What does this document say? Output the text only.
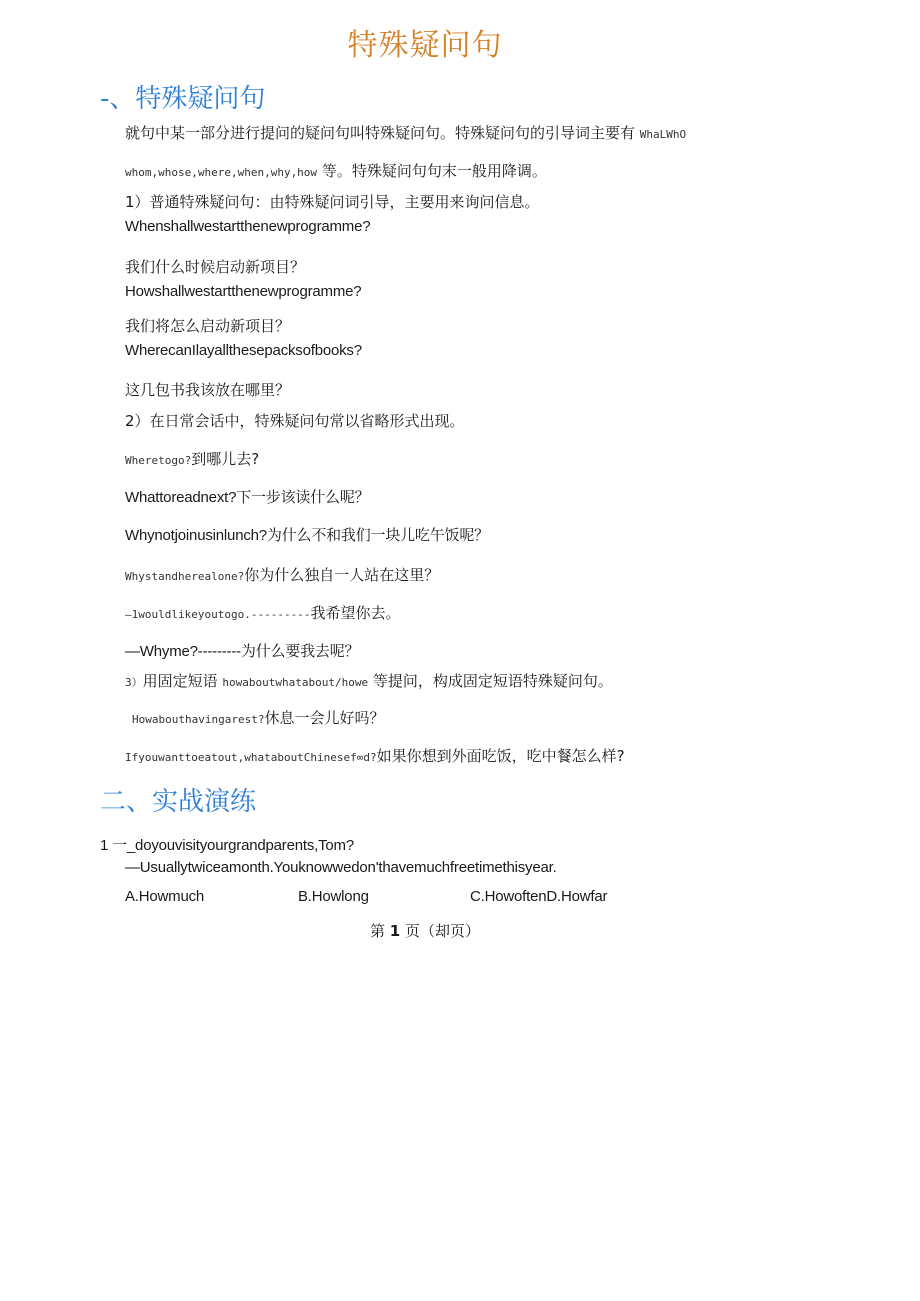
特殊疑问句
-、特殊疑问句
就句中某一部分进行提问的疑问句叫特殊疑问句。特殊疑问句的引导词主要有 WhaLWhO
whom,whose,where,when,why,how 等。特殊疑问句句末一般用降调。
1）普通特殊疑问句：由特殊疑问词引导，主要用来询问信息。
Whenshallwestartthenewprogramme?
我们什么时候启动新项目？
Howshallwestartthenewprogramme?
我们将怎么启动新项目？
WherecanIlayallthesepacksofbooks?
这几包书我该放在哪里？
2）在日常会话中，特殊疑问句常以省略形式出现。
Wheretogo?到哪儿去?
Whattoreadnext?下一步该读什么呢？
Whynotjoinusinlunch?为什么不和我们一块儿吃午饭呢？
Whystandherealone?你为什么独自一人站在这里？
—1wouldlikeyoutogo.---------我希望你去。
—Whyme?---------为什么要我去呢？
3）用固定短语 howaboutwhatabout/howe 等提问，构成固定短语特殊疑问句。
Howabouthavingarest?休息一会儿好吗？
Ifyouwanttoeatout,whataboutChinesef∞d?如果你想到外面吃饭，吃中餐怎么样?
二、实战演练
1 一_doyouvisityourgrandparents,Tom?
—Usuallytwiceamonth.Youknowwedon'thavemuchfreetimethisyear.
A.Howmuch	B.Howlong	C.HowoftenD.Howfar
第 1 页（却页）
